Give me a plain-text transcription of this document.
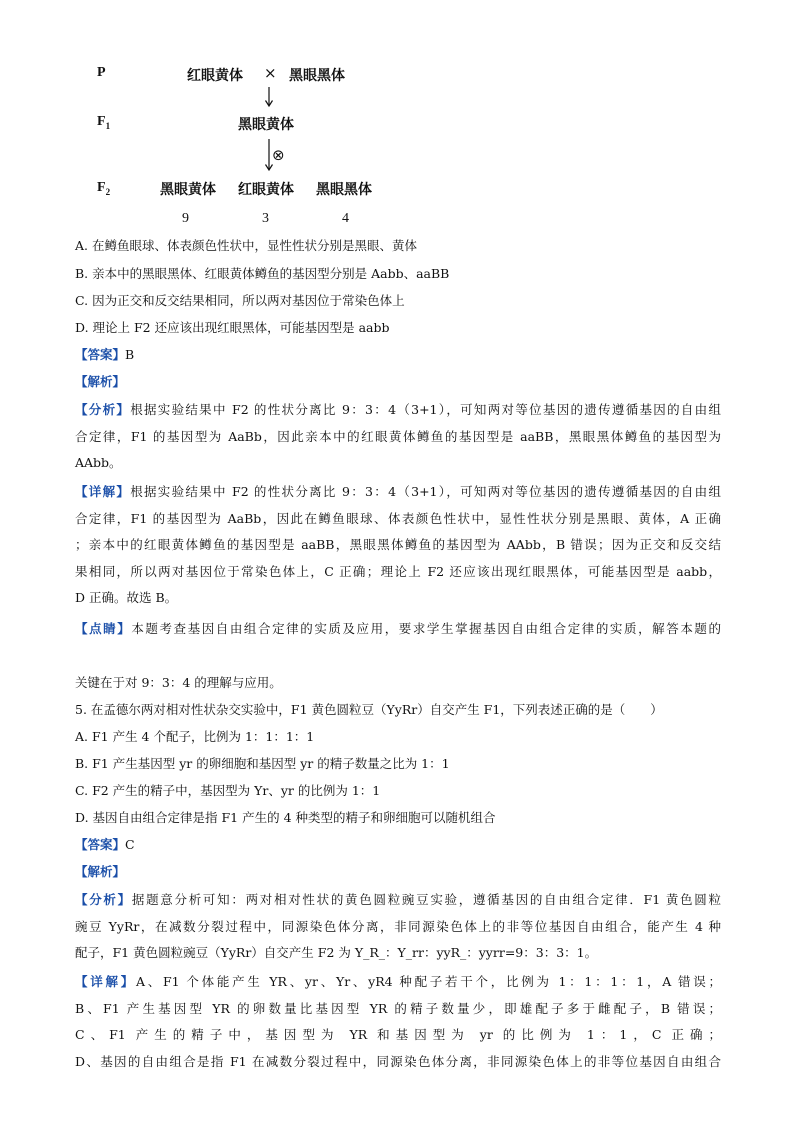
P	红眼黄体 × 黑眼黑体
$F_1$	黑眼黄体
⊗
$F_2$	黑眼黄体 红眼黄体 黑眼黑体
9	3	4
A. 在鳟鱼眼球、体表颜色性状中，显性性状分别是黑眼、黄体
B. 亲本中的黑眼黑体、红眼黄体鳟鱼的基因型分别是 Aabb、aaBB
C. 因为正交和反交结果相同，所以两对基因位于常染色体上
D. 理论上 F2 还应该出现红眼黑体，可能基因型是 aabb
【答案】B
【解析】
【分析】根据实验结果中 F2 的性状分离比 9：3：4（3+1），可知两对等位基因的遗传遵循基因的自由组
合定律，F1 的基因型为 AaBb，因此亲本中的红眼黄体鳟鱼的基因型是 aaBB，黑眼黑体鳟鱼的基因型为
AAbb。
【详解】根据实验结果中 F2 的性状分离比 9：3：4（3+1），可知两对等位基因的遗传遵循基因的自由组
合定律，F1 的基因型为 AaBb，因此在鳟鱼眼球、体表颜色性状中，显性性状分别是黑眼、黄体，A 正确
；亲本中的红眼黄体鳟鱼的基因型是 aaBB，黑眼黑体鳟鱼的基因型为 AAbb，B 错误；因为正交和反交结
果相同，所以两对基因位于常染色体上，C 正确；理论上 F2 还应该出现红眼黑体，可能基因型是 aabb，
D 正确。故选 B。
【点睛】本题考查基因自由组合定律的实质及应用，要求学生掌握基因自由组合定律的实质，解答本题的
关键在于对 9：3：4 的理解与应用。
5. 在孟德尔两对相对性状杂交实验中，F1 黄色圆粒豆（YyRr）自交产生 F1，下列表述正确的是（　　）
A. F1 产生 4 个配子，比例为 1：1：1：1
B. F1 产生基因型 yr 的卵细胞和基因型 yr 的精子数量之比为 1：1
C. F2 产生的精子中，基因型为 Yr、yr 的比例为 1：1
D. 基因自由组合定律是指 F1 产生的 4 种类型的精子和卵细胞可以随机组合
【答案】C
【解析】
【分析】据题意分析可知：两对相对性状的黄色圆粒豌豆实验，遵循基因的自由组合定律．F1 黄色圆粒
豌豆 YyRr，在减数分裂过程中，同源染色体分离，非同源染色体上的非等位基因自由组合，能产生 4 种
配子，F1 黄色圆粒豌豆（YyRr）自交产生 F2 为 Y_R_：Y_rr：yyR_：yyrr=9：3：3：1。
【详解】A、F1 个体能产生 YR、yr、Yr、yR4 种配子若干个，比例为 1：1：1：1，A 错误；
B、F1 产生基因型 YR 的卵数量比基因型 YR 的精子数量少，即雄配子多于雌配子，B 错误；
C、F1 产生的精子中，基因型为 YR 和基因型为 yr 的比例为 1：1，C 正确；
D、基因的自由组合是指 F1 在减数分裂过程中，同源染色体分离，非同源染色体上的非等位基因自由组合
